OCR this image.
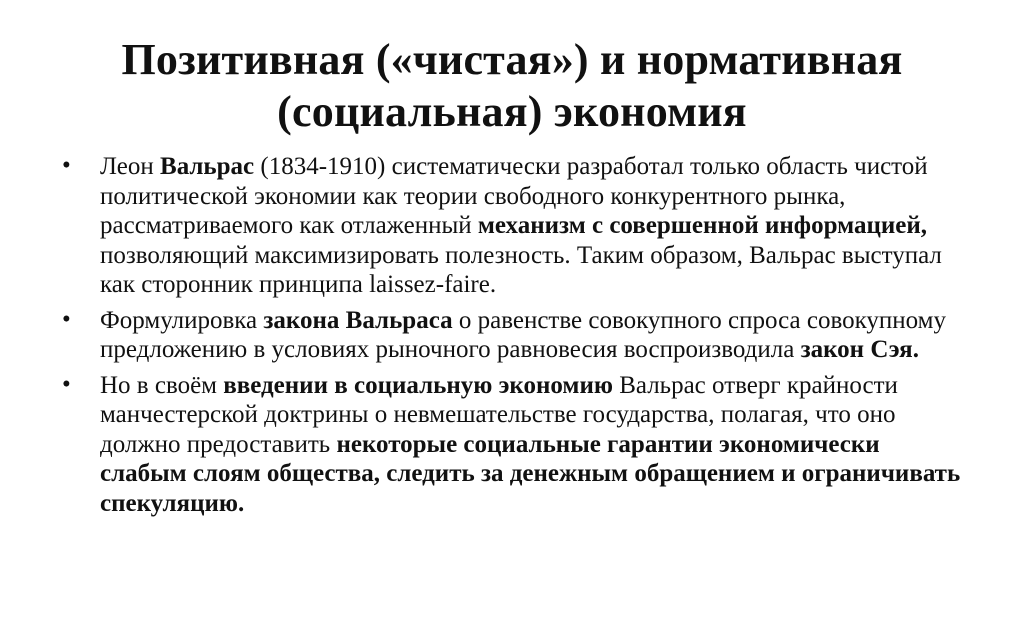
Позитивная («чистая») и нормативная
(социальная) экономия
• Леон Вальрас (1834-1910) систематически разработал только область чистой политической экономии как теории свободного конкурентного рынка, рассматриваемого как отлаженный механизм с совершенной информацией, позволяющий максимизировать полезность. Таким образом, Вальрас выступал как сторонник принципа laissez-faire.
• Формулировка закона Вальраса о равенстве совокупного спроса совокупному предложению в условиях рыночного равновесия воспроизводила закон Сэя.
• Но в своём введении в социальную экономию Вальрас отверг крайности манчестерской доктрины о невмешательстве государства, полагая, что оно должно предоставить некоторые социальные гарантии экономически слабым слоям общества, следить за денежным обращением и ограничивать спекуляцию.
